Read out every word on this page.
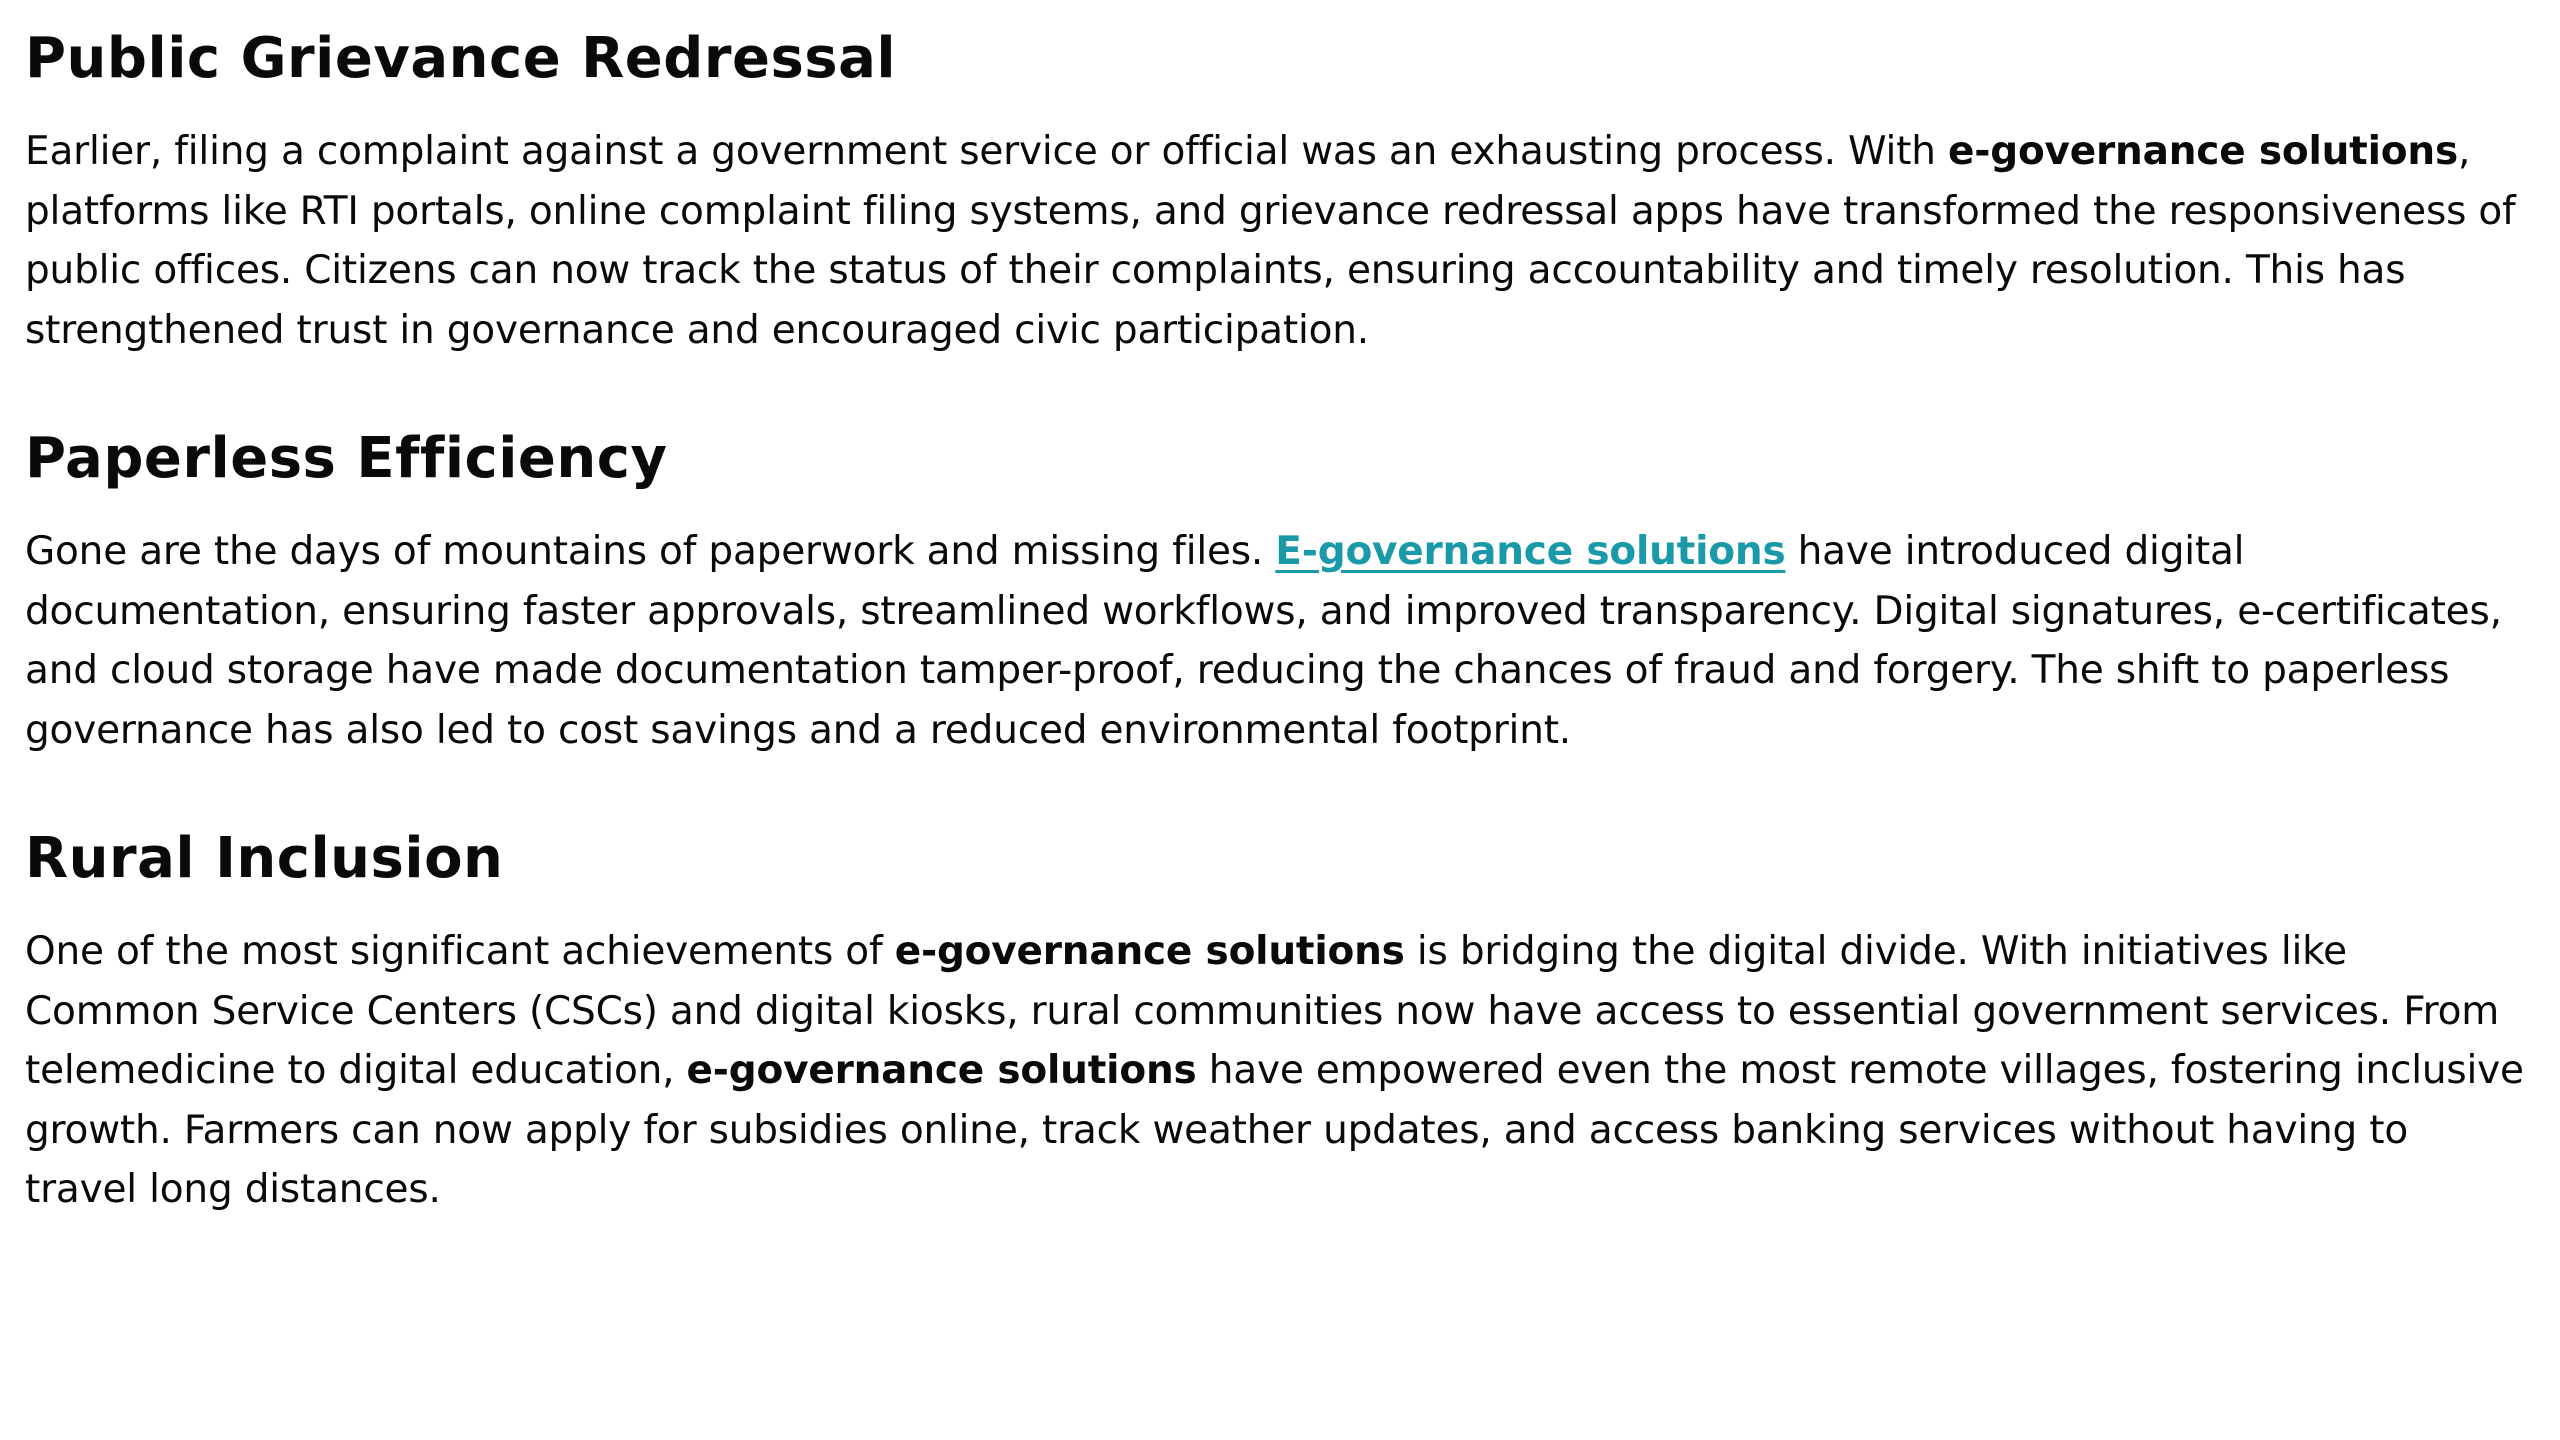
Public Grievance Redressal

Earlier, filing a complaint against a government service or official was an exhausting process. With e-governance solutions, platforms like RTI portals, online complaint filing systems, and grievance redressal apps have transformed the responsiveness of public offices. Citizens can now track the status of their complaints, ensuring accountability and timely resolution. This has strengthened trust in governance and encouraged civic participation.

Paperless Efficiency

Gone are the days of mountains of paperwork and missing files. E-governance solutions have introduced digital documentation, ensuring faster approvals, streamlined workflows, and improved transparency. Digital signatures, e-certificates, and cloud storage have made documentation tamper-proof, reducing the chances of fraud and forgery. The shift to paperless governance has also led to cost savings and a reduced environmental footprint.

Rural Inclusion

One of the most significant achievements of e-governance solutions is bridging the digital divide. With initiatives like Common Service Centers (CSCs) and digital kiosks, rural communities now have access to essential government services. From telemedicine to digital education, e-governance solutions have empowered even the most remote villages, fostering inclusive growth. Farmers can now apply for subsidies online, track weather updates, and access banking services without having to travel long distances.
